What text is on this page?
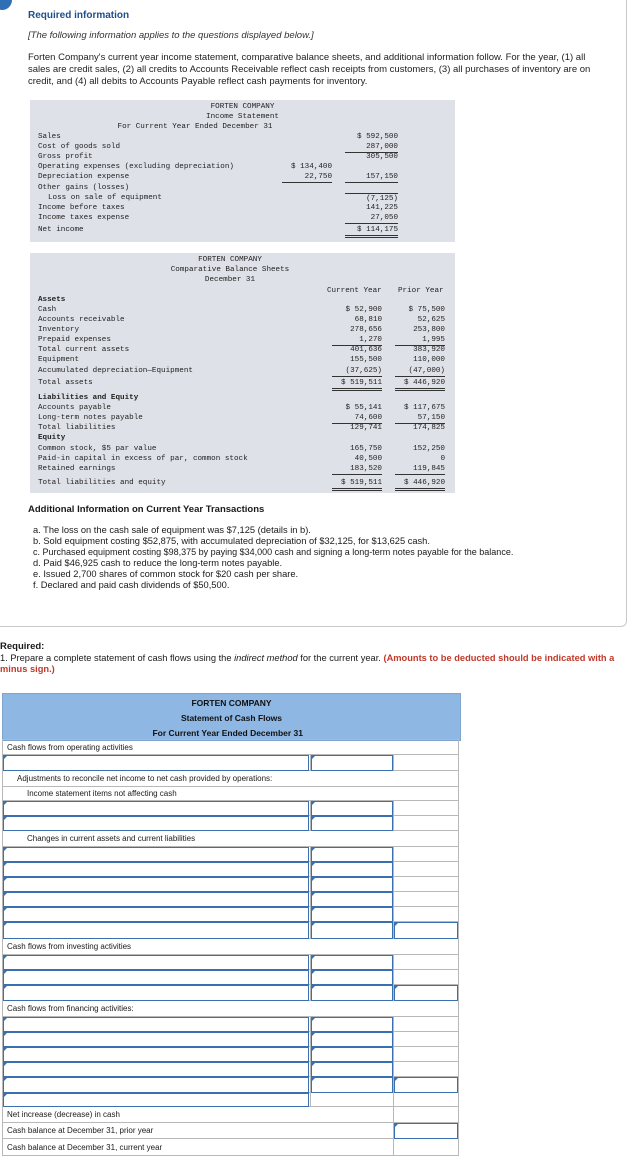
Required information
[The following information applies to the questions displayed below.]
Forten Company's current year income statement, comparative balance sheets, and additional information follow. For the year, (1) all sales are credit sales, (2) all credits to Accounts Receivable reflect cash receipts from customers, (3) all purchases of inventory are on credit, and (4) all debits to Accounts Payable reflect cash payments for inventory.
FORTEN COMPANY
Income Statement
For Current Year Ended December 31
Sales	$ 592,500
Cost of goods sold	287,000
Gross profit	305,500
Operating expenses (excluding depreciation)	$ 134,400
Depreciation expense	22,750	157,150
Other gains (losses)
Loss on sale of equipment	(7,125)
Income before taxes	141,225
Income taxes expense	27,050
Net income	$ 114,175
FORTEN COMPANY
Comparative Balance Sheets
December 31
Current Year Prior Year
Assets
Cash	$ 52,900	$ 75,500
Accounts receivable	68,810	52,625
Inventory	278,656	253,800
Prepaid expenses	1,270	1,995
Total current assets	401,636	383,920
Equipment	155,500	110,000
Accumulated depreciation—Equipment	(37,625)	(47,000)
Total assets	$ 519,511	$ 446,920
Liabilities and Equity
Accounts payable	$ 55,141	$ 117,675
Long-term notes payable	74,600	57,150
Total liabilities	129,741	174,825
Equity
Common stock, $5 par value	165,750	152,250
Paid-in capital in excess of par, common stock	40,500	0
Retained earnings	183,520	119,845
Total liabilities and equity	$ 519,511	$ 446,920
Additional Information on Current Year Transactions
a. The loss on the cash sale of equipment was $7,125 (details in b).
b. Sold equipment costing $52,875, with accumulated depreciation of $32,125, for $13,625 cash.
c. Purchased equipment costing $98,375 by paying $34,000 cash and signing a long-term notes payable for the balance.
d. Paid $46,925 cash to reduce the long-term notes payable.
e. Issued 2,700 shares of common stock for $20 cash per share.
f. Declared and paid cash dividends of $50,500.
Required:
1. Prepare a complete statement of cash flows using the indirect method for the current year. (Amounts to be deducted should be indicated with a minus sign.)
FORTEN COMPANY
Statement of Cash Flows
For Current Year Ended December 31
Cash flows from operating activities
Adjustments to reconcile net income to net cash provided by operations:
Income statement items not affecting cash
Changes in current assets and current liabilities
Cash flows from investing activities
Cash flows from financing activities:
Net increase (decrease) in cash
Cash balance at December 31, prior year
Cash balance at December 31, current year
